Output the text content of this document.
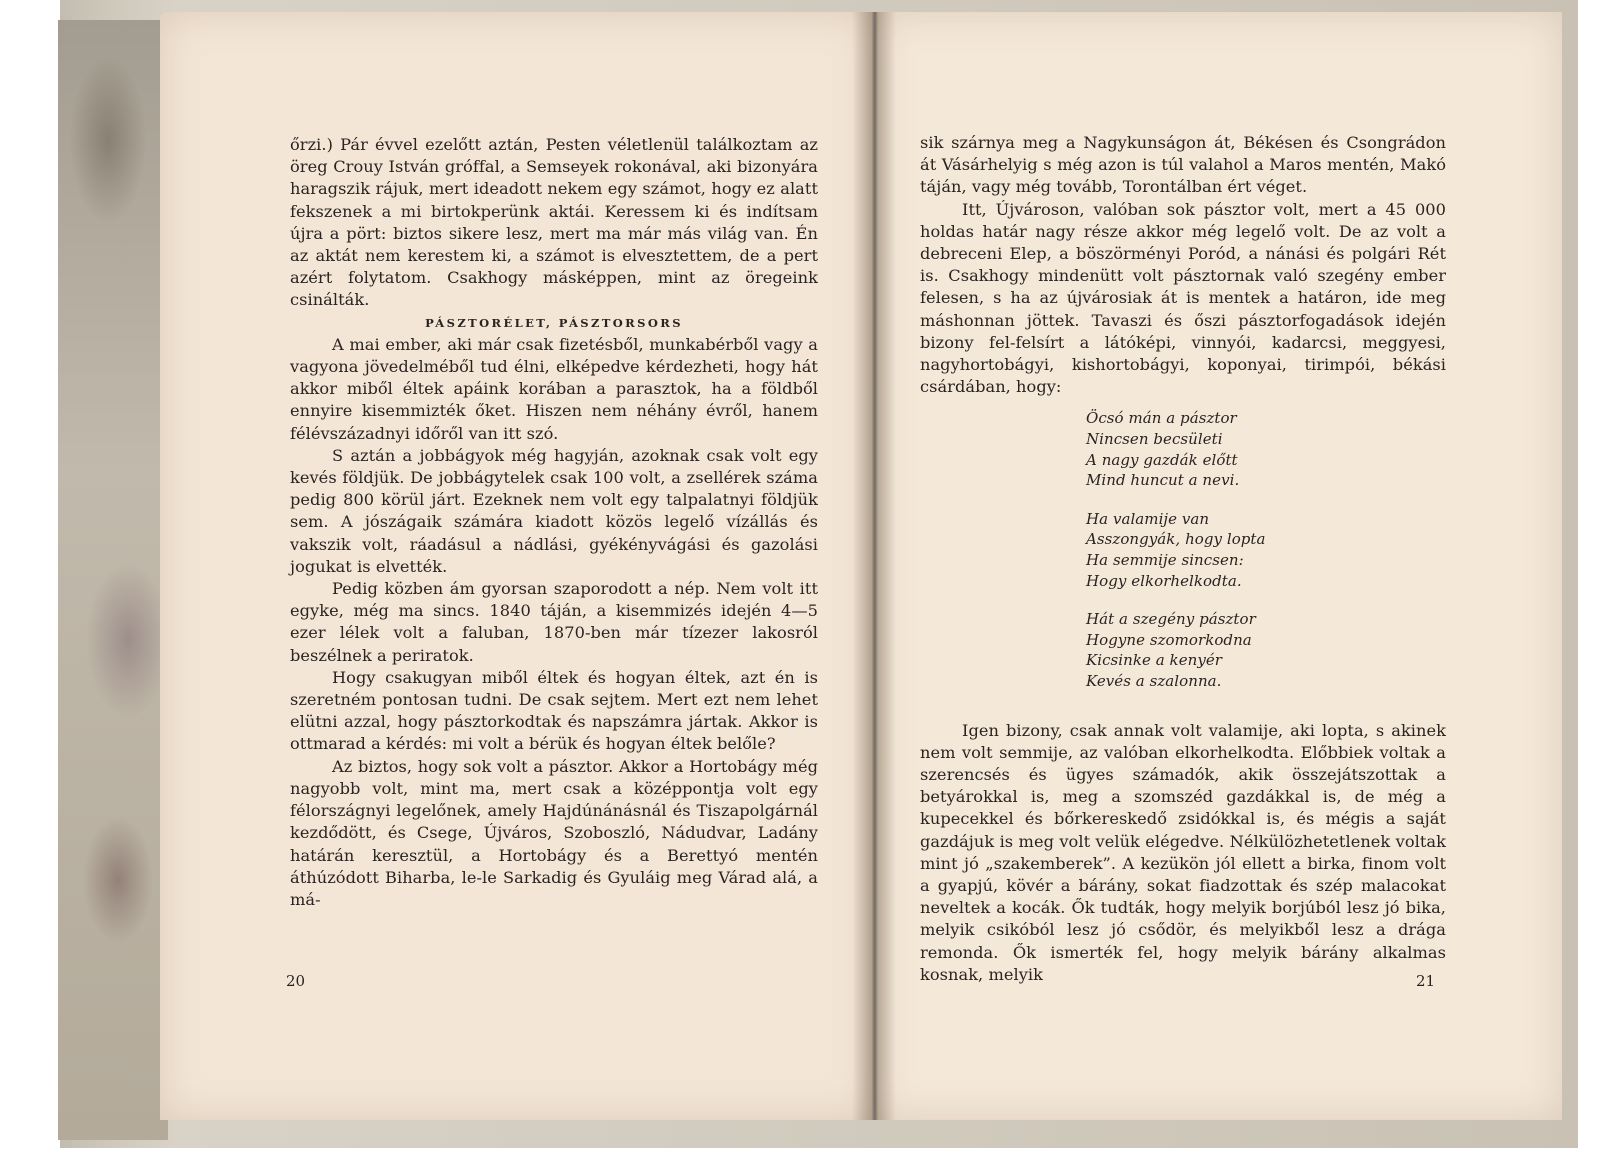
őrzi.) Pár évvel ezelőtt aztán, Pesten véletlenül találkoztam az öreg Crouy István gróffal, a Semseyek rokonával, aki bizonyára haragszik rájuk, mert ideadott nekem egy számot, hogy ez alatt fekszenek a mi birtokperünk aktái. Keressem ki és indítsam újra a pört: biztos sikere lesz, mert ma már más világ van. Én az aktát nem kerestem ki, a számot is elvesztettem, de a pert azért folytatom. Csakhogy másképpen, mint az öregeink csinálták.

PÁSZTORÉLET, PÁSZTORSORS

A mai ember, aki már csak fizetésből, munkabérből vagy a vagyona jövedelméből tud élni, elképedve kérdezheti, hogy hát akkor miből éltek apáink korában a parasztok, ha a földből ennyire kisemmizték őket. Hiszen nem néhány évről, hanem félévszázadnyi időről van itt szó.

S aztán a jobbágyok még hagyján, azoknak csak volt egy kevés földjük. De jobbágytelek csak 100 volt, a zsellérek száma pedig 800 körül járt. Ezeknek nem volt egy talpalatnyi földjük sem. A jószágaik számára kiadott közös legelő vízállás és vakszik volt, ráadásul a nádlási, gyékényvágási és gazolási jogukat is elvették.

Pedig közben ám gyorsan szaporodott a nép. Nem volt itt egyke, még ma sincs. 1840 táján, a kisemmizés idején 4—5 ezer lélek volt a faluban, 1870-ben már tízezer lakosról beszélnek a periratok.

Hogy csakugyan miből éltek és hogyan éltek, azt én is szeretném pontosan tudni. De csak sejtem. Mert ezt nem lehet elütni azzal, hogy pásztorkodtak és napszámra jártak. Akkor is ottmarad a kérdés: mi volt a bérük és hogyan éltek belőle?

Az biztos, hogy sok volt a pásztor. Akkor a Hortobágy még nagyobb volt, mint ma, mert csak a középpontja volt egy félországnyi legelőnek, amely Hajdúnánásnál és Tiszapolgárnál kezdődött, és Csege, Újváros, Szoboszló, Nádudvar, Ladány határán keresztül, a Hortobágy és a Berettyó mentén áthúzódott Biharba, le-le Sarkadig és Gyuláig meg Várad alá, a má-

20

sik szárnya meg a Nagykunságon át, Békésen és Csongrádon át Vásárhelyig s még azon is túl valahol a Maros mentén, Makó táján, vagy még tovább, Torontálban ért véget.

Itt, Újvároson, valóban sok pásztor volt, mert a 45 000 holdas határ nagy része akkor még legelő volt. De az volt a debreceni Elep, a böszörményi Poród, a nánási és polgári Rét is. Csakhogy mindenütt volt pásztornak való szegény ember felesen, s ha az újvárosiak át is mentek a határon, ide meg máshonnan jöttek. Tavaszi és őszi pásztorfogadások idején bizony fel-felsírt a látóképi, vinnyói, kadarcsi, meggyesi, nagyhortobágyi, kishortobágyi, koponyai, tirimpói, békási csárdában, hogy:

Öcsó mán a pásztor
Nincsen becsületi
A nagy gazdák előtt
Mind huncut a nevi.
Ha valamije van
Asszongyák, hogy lopta
Ha semmije sincsen:
Hogy elkorhelkodta.
Hát a szegény pásztor
Hogyne szomorkodna
Kicsinke a kenyér
Kevés a szalonna.

Igen bizony, csak annak volt valamije, aki lopta, s akinek nem volt semmije, az valóban elkorhelkodta. Előbbiek voltak a szerencsés és ügyes számadók, akik összejátszottak a betyárokkal is, meg a szomszéd gazdákkal is, de még a kupecekkel és bőrkereskedő zsidókkal is, és mégis a saját gazdájuk is meg volt velük elégedve. Nélkülözhetetlenek voltak mint jó „szakemberek”. A kezükön jól ellett a birka, finom volt a gyapjú, kövér a bárány, sokat fiadzottak és szép malacokat neveltek a kocák. Ők tudták, hogy melyik borjúból lesz jó bika, melyik csikóból lesz jó csődör, és melyikből lesz a drága remonda. Ők ismerték fel, hogy melyik bárány alkalmas kosnak, melyik	21
